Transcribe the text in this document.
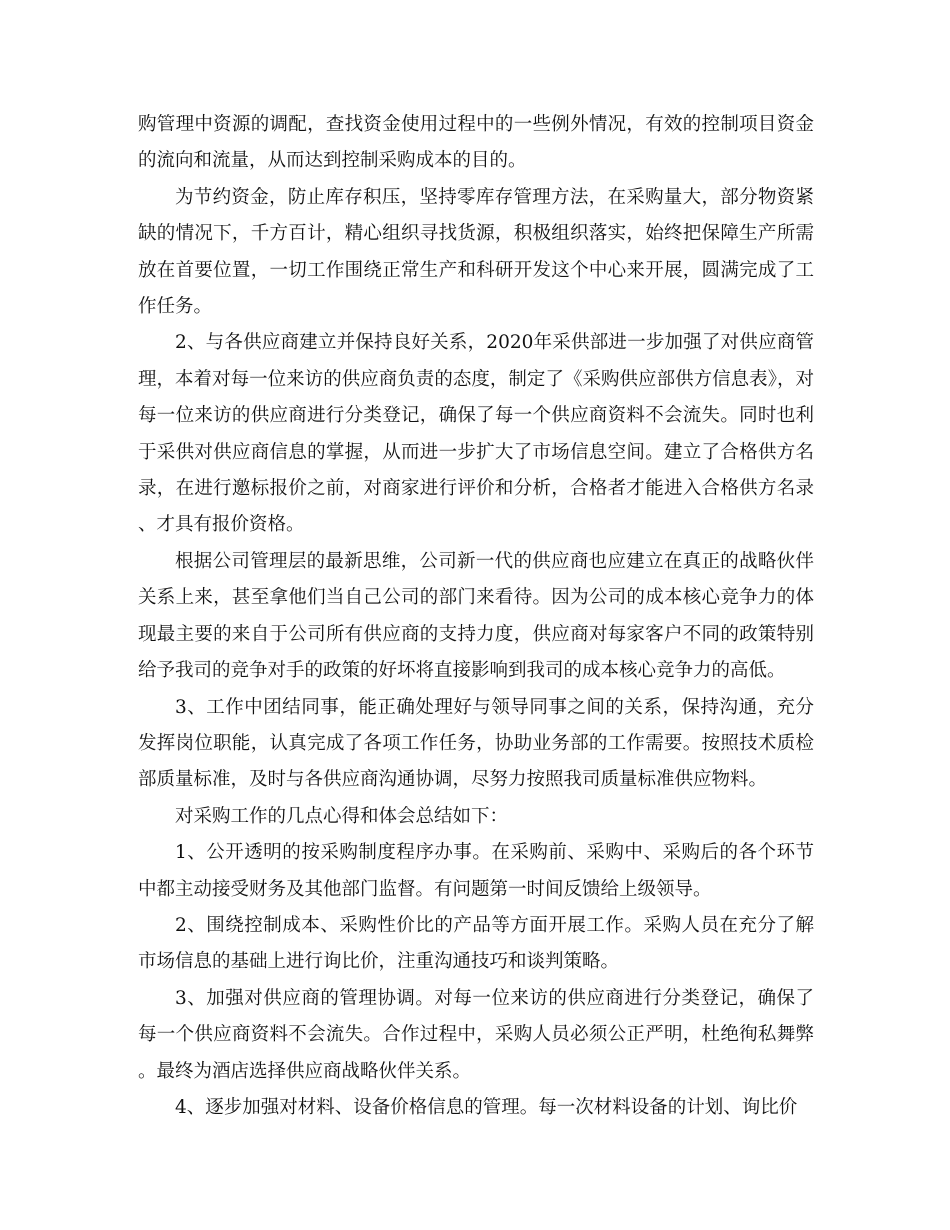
购管理中资源的调配，查找资金使用过程中的一些例外情况，有效的控制项目资金的流向和流量，从而达到控制采购成本的目的。

为节约资金，防止库存积压，坚持零库存管理方法，在采购量大，部分物资紧缺的情况下，千方百计，精心组织寻找货源，积极组织落实，始终把保障生产所需放在首要位置，一切工作围绕正常生产和科研开发这个中心来开展，圆满完成了工作任务。

2、与各供应商建立并保持良好关系，2020年采供部进一步加强了对供应商管理，本着对每一位来访的供应商负责的态度，制定了《采购供应部供方信息表》，对每一位来访的供应商进行分类登记，确保了每一个供应商资料不会流失。同时也利于采供对供应商信息的掌握，从而进一步扩大了市场信息空间。建立了合格供方名录，在进行邀标报价之前，对商家进行评价和分析，合格者才能进入合格供方名录、才具有报价资格。

根据公司管理层的最新思维，公司新一代的供应商也应建立在真正的战略伙伴关系上来，甚至拿他们当自己公司的部门来看待。因为公司的成本核心竞争力的体现最主要的来自于公司所有供应商的支持力度，供应商对每家客户不同的政策特别给予我司的竞争对手的政策的好坏将直接影响到我司的成本核心竞争力的高低。

3、工作中团结同事，能正确处理好与领导同事之间的关系，保持沟通，充分发挥岗位职能，认真完成了各项工作任务，协助业务部的工作需要。按照技术质检部质量标准，及时与各供应商沟通协调，尽努力按照我司质量标准供应物料。

对采购工作的几点心得和体会总结如下：

1、公开透明的按采购制度程序办事。在采购前、采购中、采购后的各个环节中都主动接受财务及其他部门监督。有问题第一时间反馈给上级领导。

2、围绕控制成本、采购性价比的产品等方面开展工作。采购人员在充分了解市场信息的基础上进行询比价，注重沟通技巧和谈判策略。

3、加强对供应商的管理协调。对每一位来访的供应商进行分类登记，确保了每一个供应商资料不会流失。合作过程中，采购人员必须公正严明，杜绝徇私舞弊。最终为酒店选择供应商战略伙伴关系。

4、逐步加强对材料、设备价格信息的管理。每一次材料设备的计划、询比价
